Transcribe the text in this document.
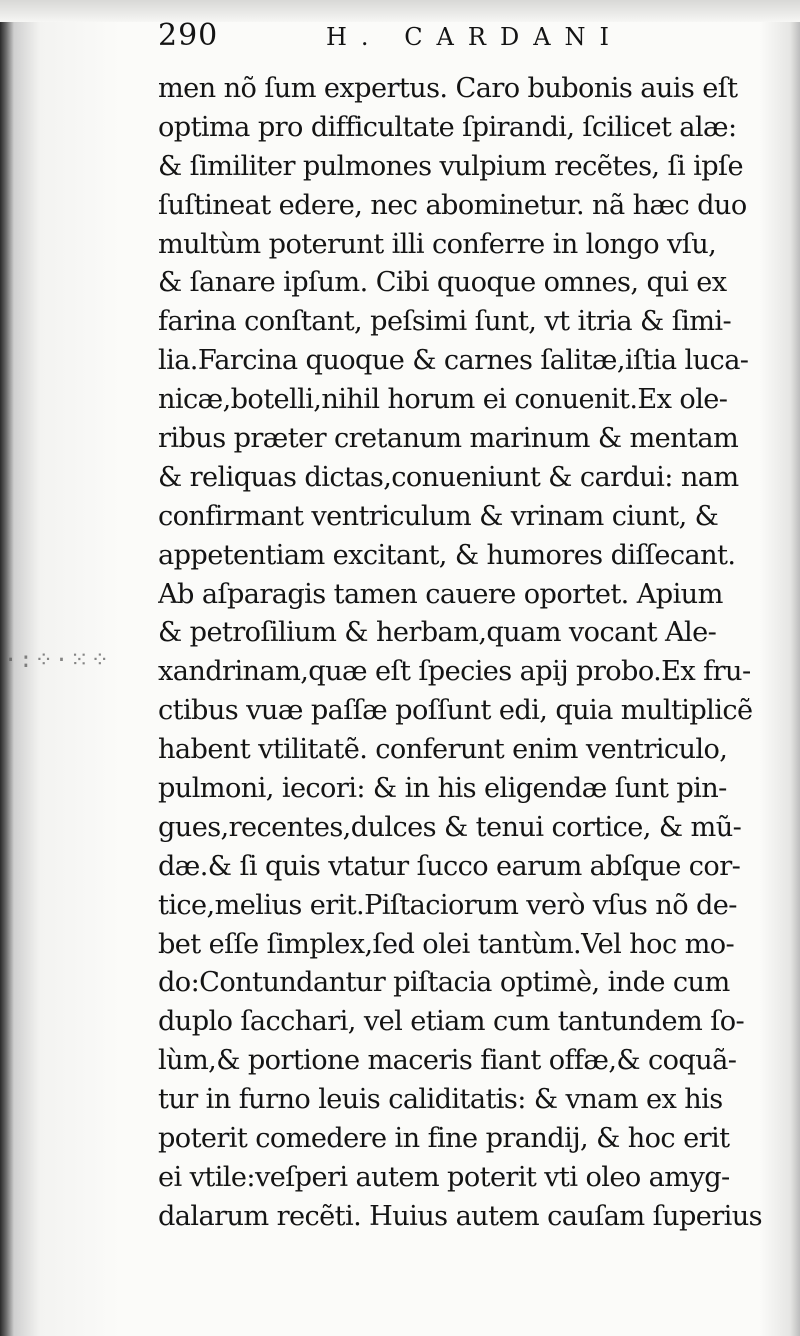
·:⁘·⁙⁘
290	H. CARDANI
men nõ ſum expertus. Caro bubonis auis eſt
optima pro difficultate ſpirandi, ſcilicet alæ:
& ſimiliter pulmones vulpium recẽtes, ſi ipſe
ſuſtineat edere, nec abominetur. nã hæc duo
multùm poterunt illi conferre in longo vſu,
& ſanare ipſum. Cibi quoque omnes, qui ex
farina conſtant, peſsimi ſunt, vt itria & ſimi-
lia.Farcina quoque & carnes ſalitæ,iſtia luca-
nicæ,botelli,nihil horum ei conuenit.Ex ole-
ribus præter cretanum marinum & mentam
& reliquas dictas,conueniunt & cardui: nam
confirmant ventriculum & vrinam ciunt, &
appetentiam excitant, & humores diſſecant.
Ab aſparagis tamen cauere oportet. Apium
& petroſilium & herbam,quam vocant Ale-
xandrinam,quæ eſt ſpecies apij probo.Ex fru-
ctibus vuæ paſſæ poſſunt edi, quia multiplicẽ
habent vtilitatẽ. conferunt enim ventriculo,
pulmoni, iecori: & in his eligendæ ſunt pin-
gues,recentes,dulces & tenui cortice, & mũ-
dæ.& ſi quis vtatur ſucco earum abſque cor-
tice,melius erit.Piſtaciorum verò vſus nõ de-
bet eſſe ſimplex,ſed olei tantùm.Vel hoc mo-
do:Contundantur piſtacia optimè, inde cum
duplo ſacchari, vel etiam cum tantundem ſo-
lùm,& portione maceris fiant offæ,& coquã-
tur in furno leuis caliditatis: & vnam ex his
poterit comedere in fine prandij, & hoc erit
ei vtile:veſperi autem poterit vti oleo amyg-
dalarum recẽti. Huius autem cauſam ſuperius
